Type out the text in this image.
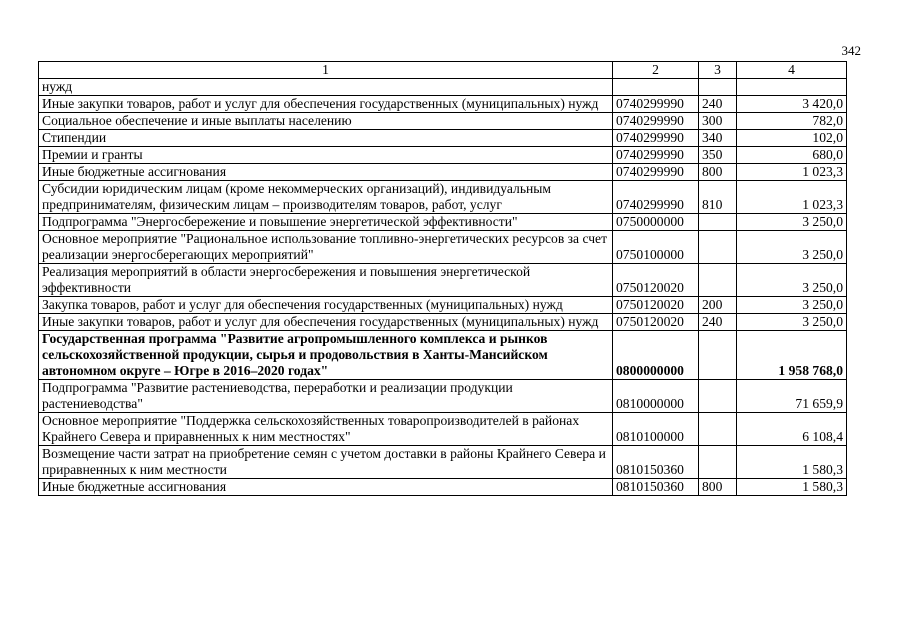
342
1	2	3	4
нужд			
Иные закупки товаров, работ и услуг для обеспечения государственных (муниципальных) нужд	0740299990	240	3 420,0
Социальное обеспечение и иные выплаты населению	0740299990	300	782,0
Стипендии	0740299990	340	102,0
Премии и гранты	0740299990	350	680,0
Иные бюджетные ассигнования	0740299990	800	1 023,3
Субсидии юридическим лицам (кроме некоммерческих организаций), индивидуальным предпринимателям, физическим лицам – производителям товаров, работ, услуг	0740299990	810	1 023,3
Подпрограмма "Энергосбережение и повышение энергетической эффективности"	0750000000		3 250,0
Основное мероприятие "Рациональное использование топливно-энергетических ресурсов за счет реализации энергосберегающих мероприятий"	0750100000		3 250,0
Реализация мероприятий в области энергосбережения и повышения энергетической эффективности	0750120020		3 250,0
Закупка товаров, работ и услуг для обеспечения государственных (муниципальных) нужд	0750120020	200	3 250,0
Иные закупки товаров, работ и услуг для обеспечения государственных (муниципальных) нужд	0750120020	240	3 250,0
Государственная программа "Развитие агропромышленного комплекса и рынков сельскохозяйственной продукции, сырья и продовольствия в Ханты-Мансийском автономном округе – Югре в 2016–2020 годах"	0800000000		1 958 768,0
Подпрограмма "Развитие растениеводства, переработки и реализации продукции растениеводства"	0810000000		71 659,9
Основное мероприятие "Поддержка сельскохозяйственных товаропроизводителей в районах Крайнего Севера и приравненных к ним местностях"	0810100000		6 108,4
Возмещение части затрат на приобретение семян с учетом доставки в районы Крайнего Севера и приравненных к ним местности	0810150360		1 580,3
Иные бюджетные ассигнования	0810150360	800	1 580,3
